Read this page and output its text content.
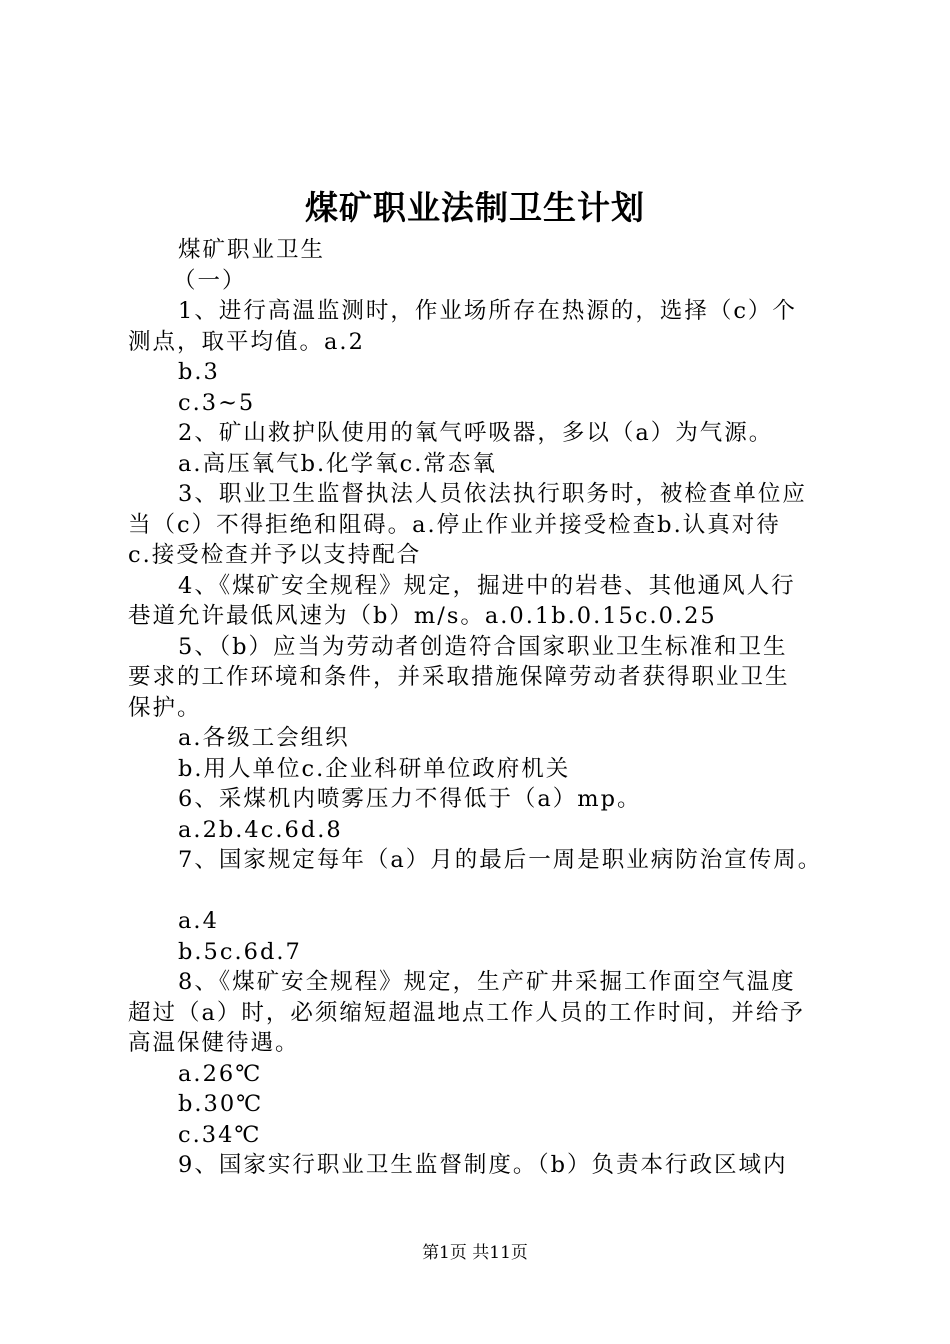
煤矿职业法制卫生计划
煤矿职业卫生
（一）
1、进行高温监测时，作业场所存在热源的，选择（c）个
测点，取平均值。a.2
b.3
c.3~5
2、矿山救护队使用的氧气呼吸器，多以（a）为气源。
a.高压氧气b.化学氧c.常态氧
3、职业卫生监督执法人员依法执行职务时，被检查单位应
当（c）不得拒绝和阻碍。a.停止作业并接受检查b.认真对待
c.接受检查并予以支持配合
4、《煤矿安全规程》规定，掘进中的岩巷、其他通风人行
巷道允许最低风速为（b）m/s。a.0.1b.0.15c.0.25
5、（b）应当为劳动者创造符合国家职业卫生标准和卫生
要求的工作环境和条件，并采取措施保障劳动者获得职业卫生
保护。
a.各级工会组织
b.用人单位c.企业科研单位政府机关
6、采煤机内喷雾压力不得低于（a）mp。
a.2b.4c.6d.8
7、国家规定每年（a）月的最后一周是职业病防治宣传周。
a.4
b.5c.6d.7
8、《煤矿安全规程》规定，生产矿井采掘工作面空气温度
超过（a）时，必须缩短超温地点工作人员的工作时间，并给予
高温保健待遇。
a.26℃
b.30℃
c.34℃
9、国家实行职业卫生监督制度。（b）负责本行政区域内
第1页 共11页
